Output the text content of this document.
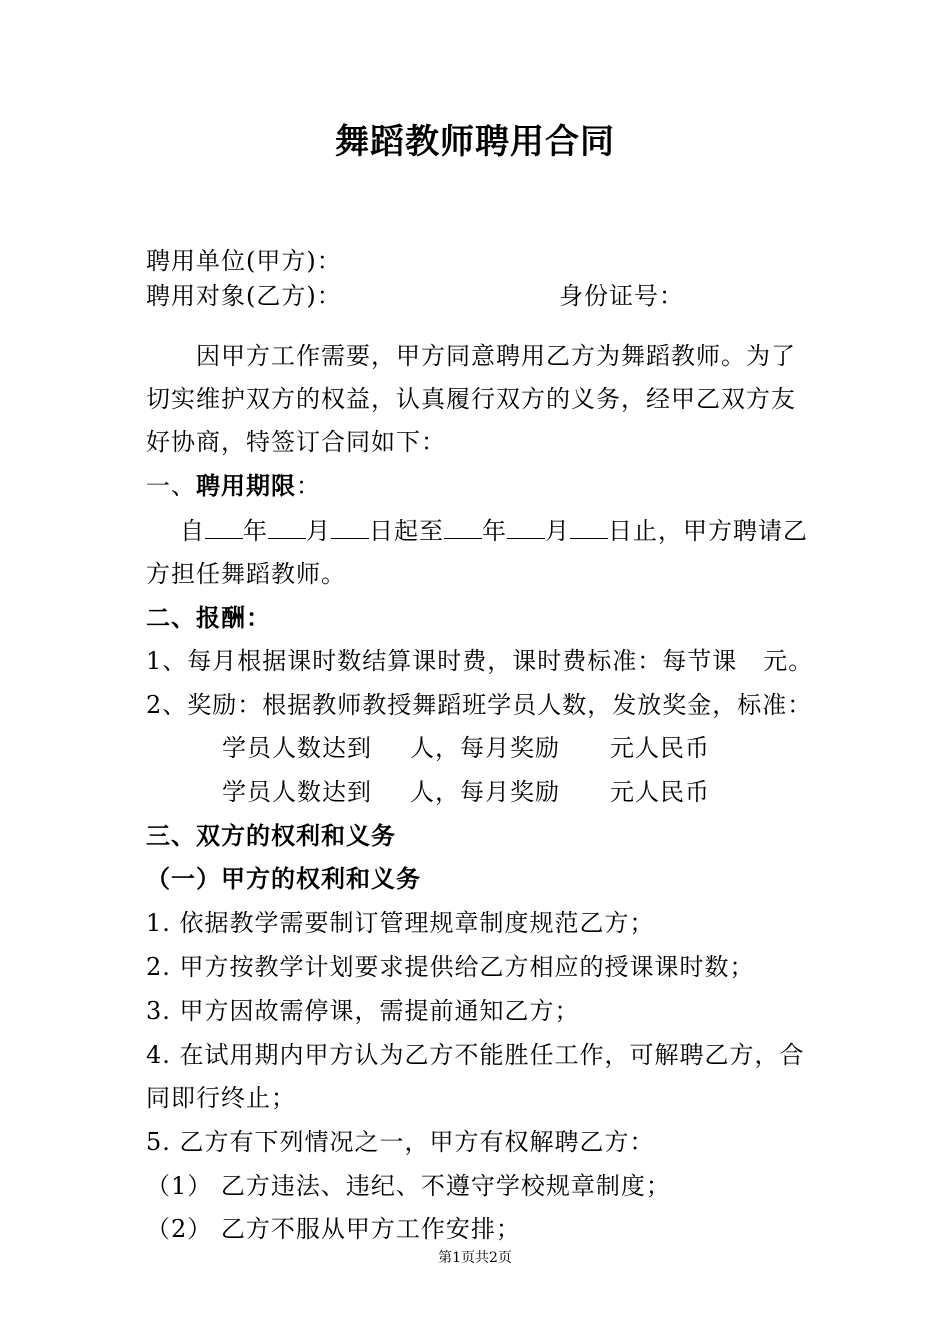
舞蹈教师聘用合同
聘用单位(甲方)：
聘用对象(乙方)：	身份证号：
因甲方工作需要，甲方同意聘用乙方为舞蹈教师。为了
切实维护双方的权益，认真履行双方的义务，经甲乙双方友
好协商，特签订合同如下：
一、聘用期限：
自 年 月 日起至 年 月 日止，甲方聘请乙
方担任舞蹈教师。
二、报酬：
1、每月根据课时数结算课时费，课时费标准：每节课 元。
2、奖励：根据教师教授舞蹈班学员人数，发放奖金，标准：
学员人数达到 人，每月奖励 元人民币
学员人数达到 人，每月奖励 元人民币
三、双方的权利和义务
（一）甲方的权利和义务
1. 依据教学需要制订管理规章制度规范乙方；
2. 甲方按教学计划要求提供给乙方相应的授课课时数；
3. 甲方因故需停课，需提前通知乙方；
4. 在试用期内甲方认为乙方不能胜任工作，可解聘乙方，合
同即行终止；
5. 乙方有下列情况之一，甲方有权解聘乙方：
（1） 乙方违法、违纪、不遵守学校规章制度；
（2） 乙方不服从甲方工作安排；
第1页共2页
